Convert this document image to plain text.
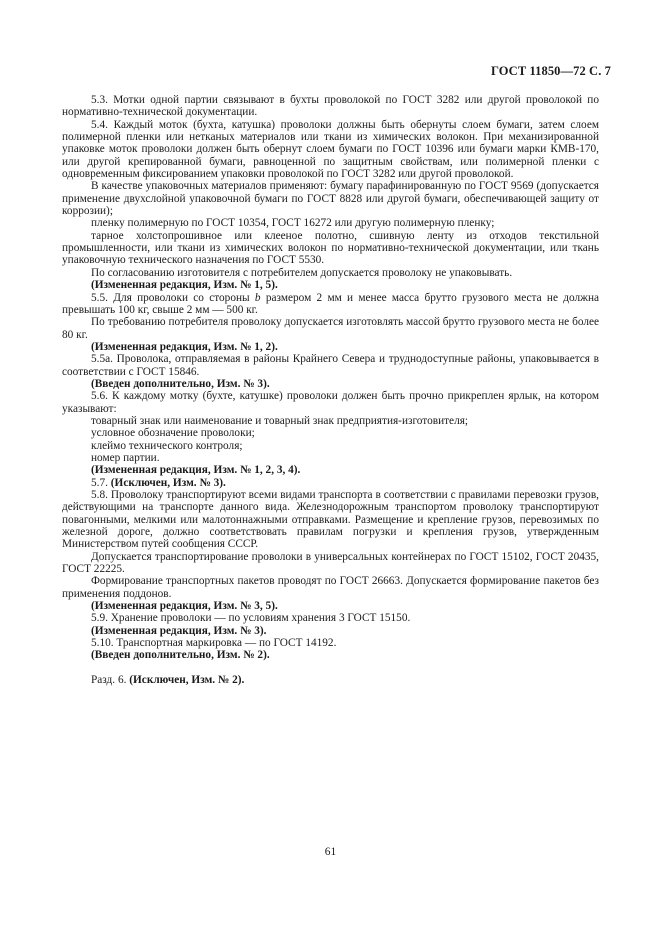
ГОСТ 11850—72 С. 7

5.3. Мотки одной партии связывают в бухты проволокой по ГОСТ 3282 или другой проволокой по нормативно-технической документации.

5.4. Каждый моток (бухта, катушка) проволоки должны быть обернуты слоем бумаги, затем слоем полимерной пленки или нетканых материалов или ткани из химических волокон. При механизированной упаковке моток проволоки должен быть обернут слоем бумаги по ГОСТ 10396 или бумаги марки КМВ-170, или другой крепированной бумаги, равноценной по защитным свойствам, или полимерной пленки с одновременным фиксированием упаковки проволокой по ГОСТ 3282 или другой проволокой.

В качестве упаковочных материалов применяют: бумагу парафинированную по ГОСТ 9569 (допускается применение двухслойной упаковочной бумаги по ГОСТ 8828 или другой бумаги, обеспечивающей защиту от коррозии);

пленку полимерную по ГОСТ 10354, ГОСТ 16272 или другую полимерную пленку;

тарное холстопрошивное или клееное полотно, сшивную ленту из отходов текстильной промышленности, или ткани из химических волокон по нормативно-технической документации, или ткань упаковочную технического назначения по ГОСТ 5530.

По согласованию изготовителя с потребителем допускается проволоку не упаковывать.

(Измененная редакция, Изм. № 1, 5).

5.5. Для проволоки со стороны b размером 2 мм и менее масса брутто грузового места не должна превышать 100 кг, свыше 2 мм — 500 кг.

По требованию потребителя проволоку допускается изготовлять массой брутто грузового места не более 80 кг.

(Измененная редакция, Изм. № 1, 2).

5.5а. Проволока, отправляемая в районы Крайнего Севера и труднодоступные районы, упаковывается в соответствии с ГОСТ 15846.

(Введен дополнительно, Изм. № 3).

5.6. К каждому мотку (бухте, катушке) проволоки должен быть прочно прикреплен ярлык, на котором указывают:

товарный знак или наименование и товарный знак предприятия-изготовителя;

условное обозначение проволоки;

клеймо технического контроля;

номер партии.

(Измененная редакция, Изм. № 1, 2, 3, 4).

5.7. (Исключен, Изм. № 3).

5.8. Проволоку транспортируют всеми видами транспорта в соответствии с правилами перевозки грузов, действующими на транспорте данного вида. Железнодорожным транспортом проволоку транспортируют повагонными, мелкими или малотоннажными отправками. Размещение и крепление грузов, перевозимых по железной дороге, должно соответствовать правилам погрузки и крепления грузов, утвержденным Министерством путей сообщения СССР.

Допускается транспортирование проволоки в универсальных контейнерах по ГОСТ 15102, ГОСТ 20435, ГОСТ 22225.

Формирование транспортных пакетов проводят по ГОСТ 26663. Допускается формирование пакетов без применения поддонов.

(Измененная редакция, Изм. № 3, 5).

5.9. Хранение проволоки — по условиям хранения 3 ГОСТ 15150.

(Измененная редакция, Изм. № 3).

5.10. Транспортная маркировка — по ГОСТ 14192.

(Введен дополнительно, Изм. № 2).

Разд. 6. (Исключен, Изм. № 2).

61
